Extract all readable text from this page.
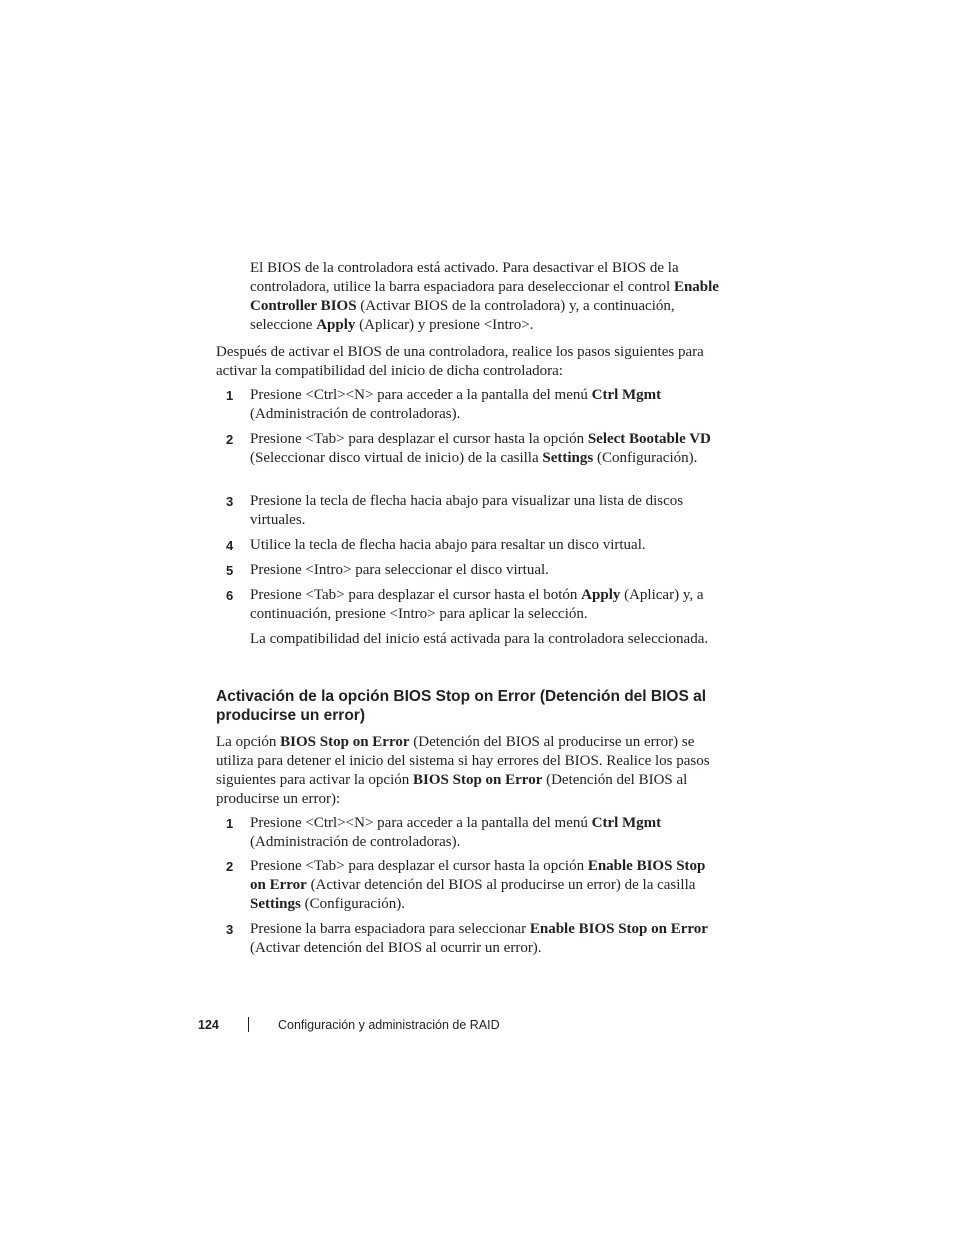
El BIOS de la controladora está activado. Para desactivar el BIOS de la controladora, utilice la barra espaciadora para deseleccionar el control Enable Controller BIOS (Activar BIOS de la controladora) y, a continuación, seleccione Apply (Aplicar) y presione <Intro>.
Después de activar el BIOS de una controladora, realice los pasos siguientes para activar la compatibilidad del inicio de dicha controladora:
1 Presione <Ctrl><N> para acceder a la pantalla del menú Ctrl Mgmt (Administración de controladoras).
2 Presione <Tab> para desplazar el cursor hasta la opción Select Bootable VD (Seleccionar disco virtual de inicio) de la casilla Settings (Configuración).
3 Presione la tecla de flecha hacia abajo para visualizar una lista de discos virtuales.
4 Utilice la tecla de flecha hacia abajo para resaltar un disco virtual.
5 Presione <Intro> para seleccionar el disco virtual.
6 Presione <Tab> para desplazar el cursor hasta el botón Apply (Aplicar) y, a continuación, presione <Intro> para aplicar la selección.
La compatibilidad del inicio está activada para la controladora seleccionada.
Activación de la opción BIOS Stop on Error (Detención del BIOS al producirse un error)
La opción BIOS Stop on Error (Detención del BIOS al producirse un error) se utiliza para detener el inicio del sistema si hay errores del BIOS. Realice los pasos siguientes para activar la opción BIOS Stop on Error (Detención del BIOS al producirse un error):
1 Presione <Ctrl><N> para acceder a la pantalla del menú Ctrl Mgmt (Administración de controladoras).
2 Presione <Tab> para desplazar el cursor hasta la opción Enable BIOS Stop on Error (Activar detención del BIOS al producirse un error) de la casilla Settings (Configuración).
3 Presione la barra espaciadora para seleccionar Enable BIOS Stop on Error (Activar detención del BIOS al ocurrir un error).
124	Configuración y administración de RAID
